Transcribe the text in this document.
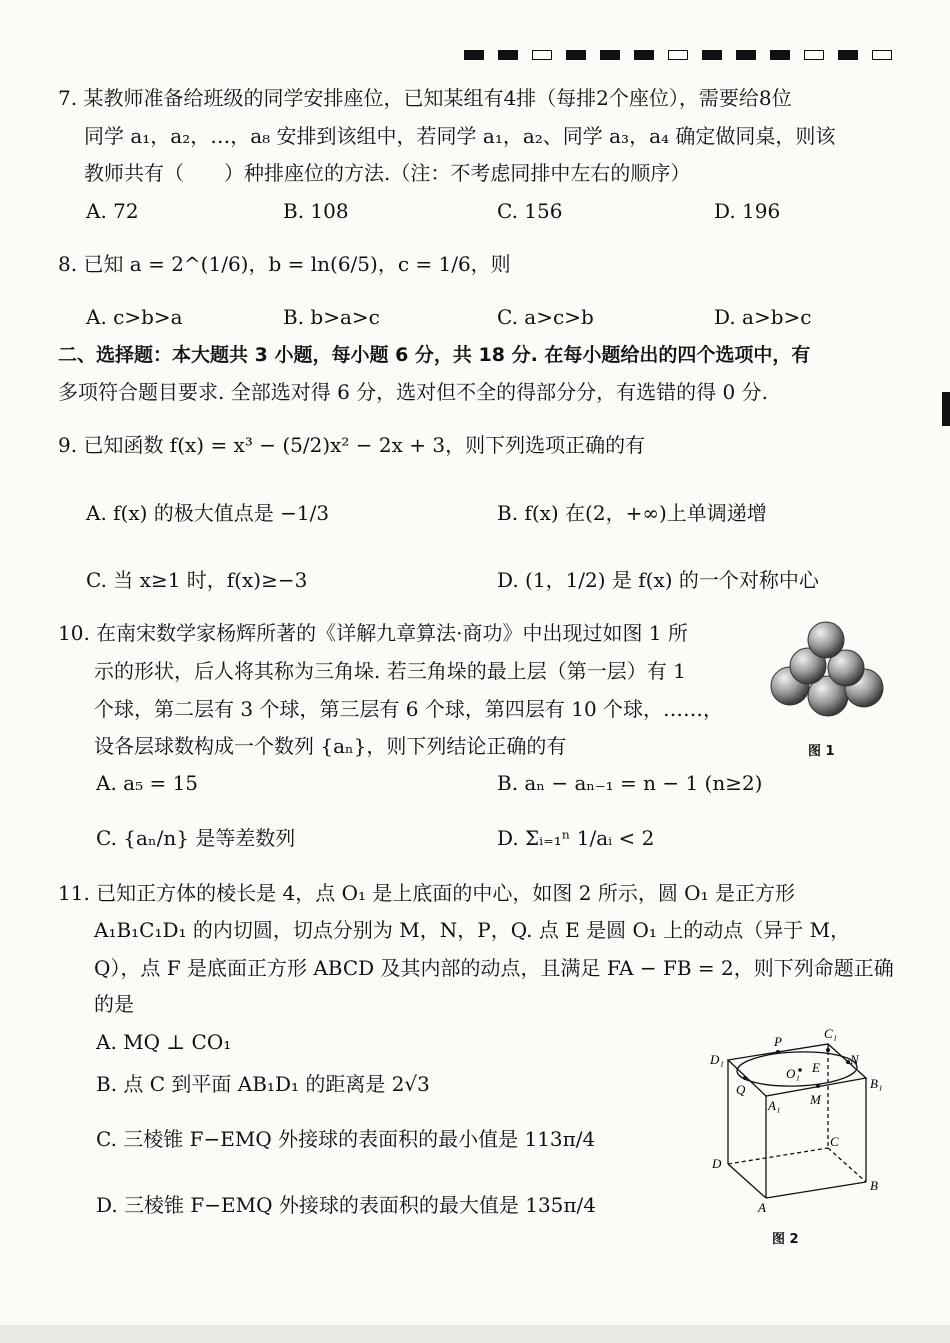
7. 某教师准备给班级的同学安排座位，已知某组有4排（每排2个座位），需要给8位
同学 a₁，a₂，…，a₈ 安排到该组中，若同学 a₁，a₂、同学 a₃，a₄ 确定做同桌，则该
教师共有（　　）种排座位的方法.（注：不考虑同排中左右的顺序）
A. 72	B. 108	C. 156	D. 196
8. 已知 a = 2^(1/6)，b = ln(6/5)，c = 1/6，则
A. c>b>a	B. b>a>c	C. a>c>b	D. a>b>c
二、选择题：本大题共 3 小题，每小题 6 分，共 18 分. 在每小题给出的四个选项中，有
多项符合题目要求. 全部选对得 6 分，选对但不全的得部分分，有选错的得 0 分.
9. 已知函数 f(x) = x³ − (5/2)x² − 2x + 3，则下列选项正确的有
A. f(x) 的极大值点是 −1/3	B. f(x) 在(2，+∞)上单调递增
C. 当 x≥1 时，f(x)≥−3	D. (1，1/2) 是 f(x) 的一个对称中心
10. 在南宋数学家杨辉所著的《详解九章算法·商功》中出现过如图 1 所
示的形状，后人将其称为三角垛. 若三角垛的最上层（第一层）有 1
个球，第二层有 3 个球，第三层有 6 个球，第四层有 10 个球，……，
设各层球数构成一个数列 {aₙ}，则下列结论正确的有
A. a₅ = 15	B. aₙ − aₙ₋₁ = n − 1 (n≥2)
C. {aₙ/n} 是等差数列	D. Σᵢ₌₁ⁿ 1/aᵢ < 2
图 1
11. 已知正方体的棱长是 4，点 O₁ 是上底面的中心，如图 2 所示，圆 O₁ 是正方形
A₁B₁C₁D₁ 的内切圆，切点分别为 M，N，P，Q. 点 E 是圆 O₁ 上的动点（异于 M，
Q），点 F 是底面正方形 ABCD 及其内部的动点，且满足 FA − FB = 2，则下列命题正确
的是
A. MQ ⊥ CO₁
B. 点 C 到平面 AB₁D₁ 的距离是 2√3
C. 三棱锥 F−EMQ 外接球的表面积的最小值是 113π/4
D. 三棱锥 F−EMQ 外接球的表面积的最大值是 135π/4
P
C₁
D₁	N
O₁ E
Q	B₁
A₁ M
C
D
B
A
图 2
